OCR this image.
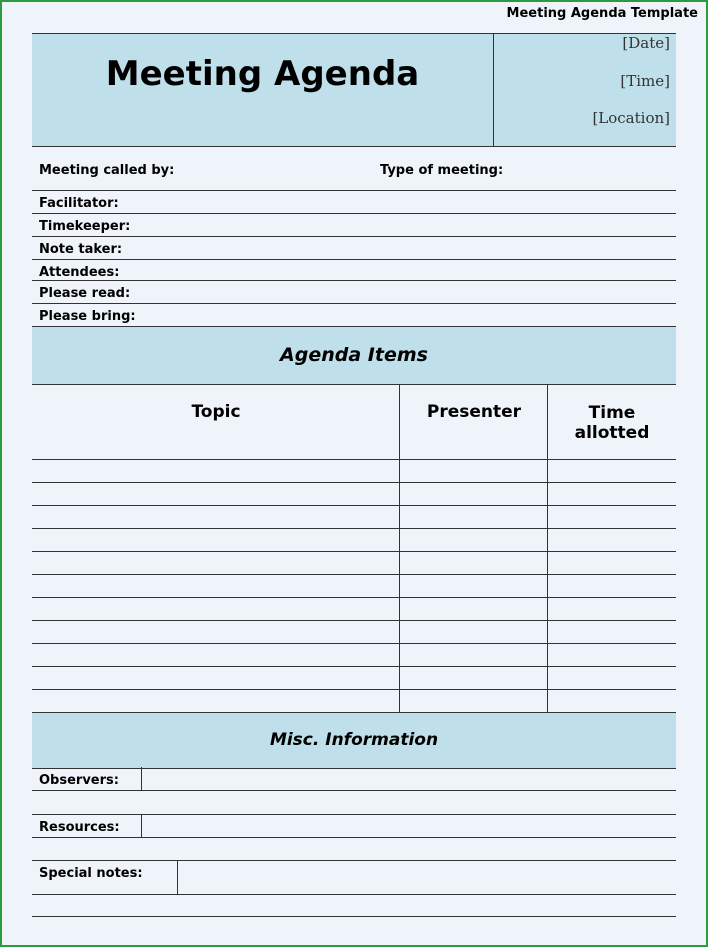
Meeting Agenda Template
Meeting Agenda
[Date]
[Time]
[Location]
Meeting called by:	Type of meeting:
Facilitator:
Timekeeper:
Note taker:
Attendees:
Please read:
Please bring:
Agenda Items
Topic	Presenter	Time allotted
Misc. Information
Observers:
Resources:
Special notes:
